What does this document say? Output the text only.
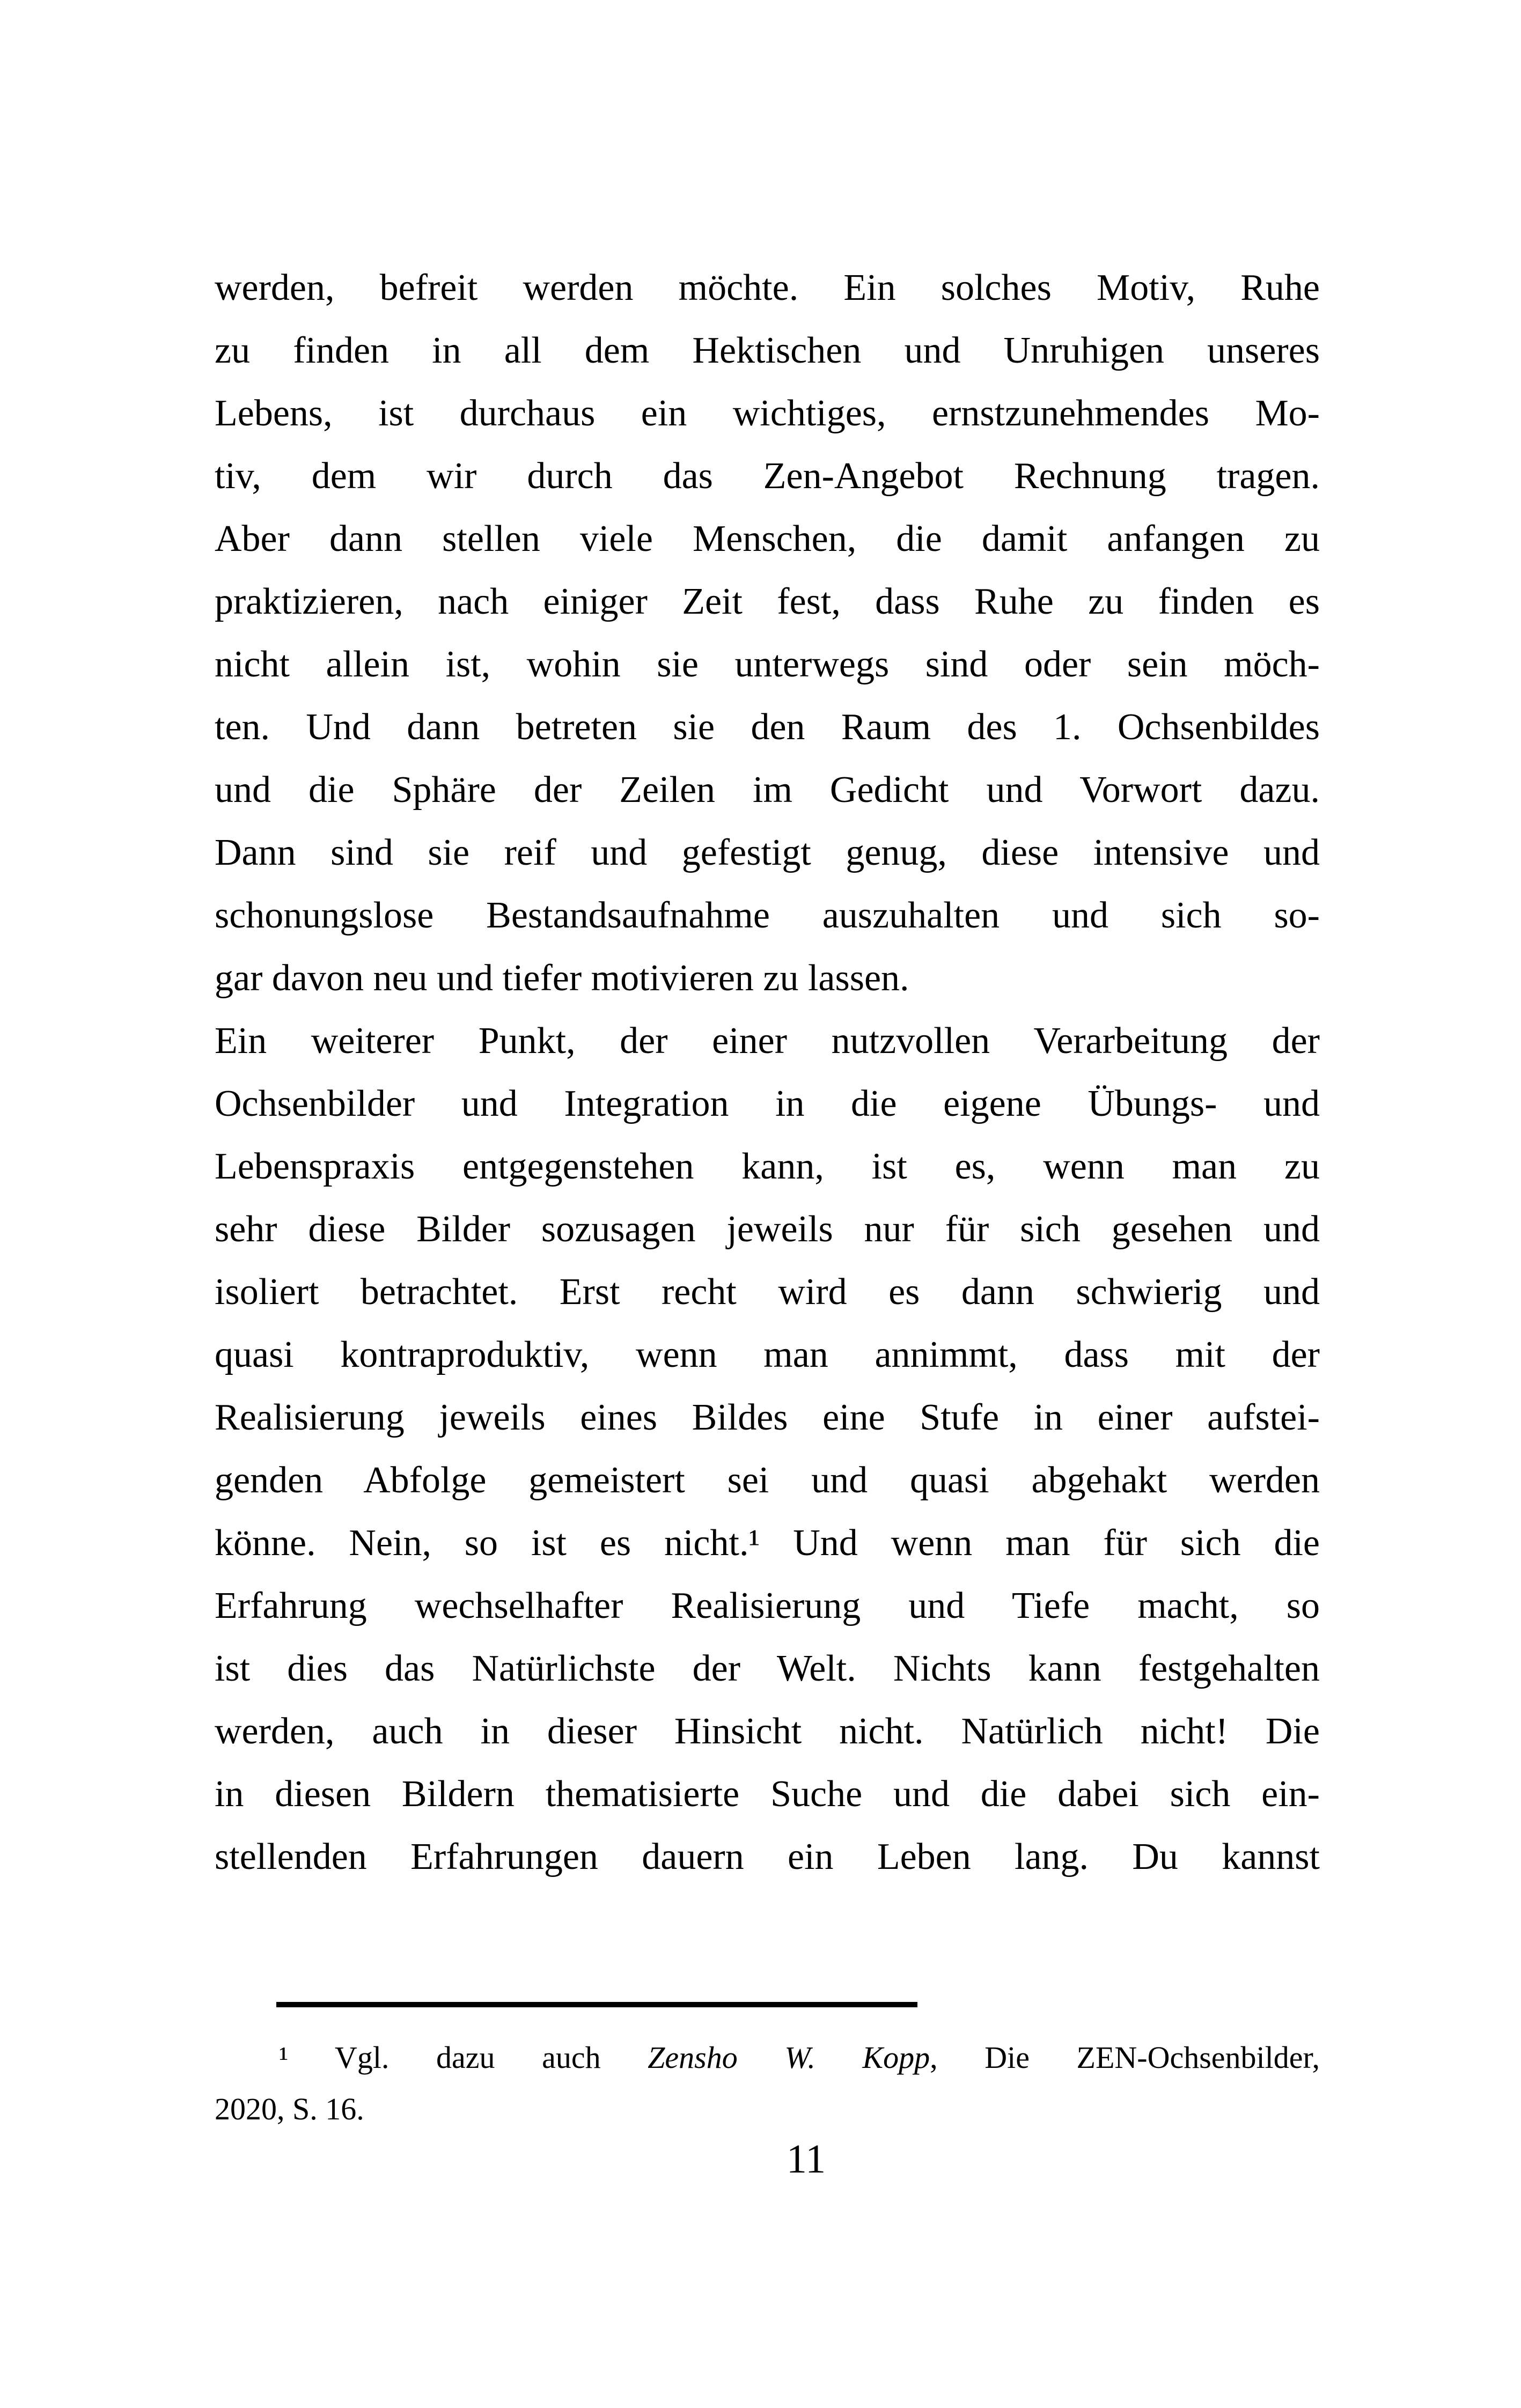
werden, befreit werden möchte. Ein solches Motiv, Ruhe
zu finden in all dem Hektischen und Unruhigen unseres
Lebens, ist durchaus ein wichtiges, ernstzunehmendes Mo-
tiv, dem wir durch das Zen-Angebot Rechnung tragen.
Aber dann stellen viele Menschen, die damit anfangen zu
praktizieren, nach einiger Zeit fest, dass Ruhe zu finden es
nicht allein ist, wohin sie unterwegs sind oder sein möch-
ten. Und dann betreten sie den Raum des 1. Ochsenbildes
und die Sphäre der Zeilen im Gedicht und Vorwort dazu.
Dann sind sie reif und gefestigt genug, diese intensive und
schonungslose Bestandsaufnahme auszuhalten und sich so-
gar davon neu und tiefer motivieren zu lassen.
Ein weiterer Punkt, der einer nutzvollen Verarbeitung der
Ochsenbilder und Integration in die eigene Übungs- und
Lebenspraxis entgegenstehen kann, ist es, wenn man zu
sehr diese Bilder sozusagen jeweils nur für sich gesehen und
isoliert betrachtet. Erst recht wird es dann schwierig und
quasi kontraproduktiv, wenn man annimmt, dass mit der
Realisierung jeweils eines Bildes eine Stufe in einer aufstei-
genden Abfolge gemeistert sei und quasi abgehakt werden
könne. Nein, so ist es nicht.¹ Und wenn man für sich die
Erfahrung wechselhafter Realisierung und Tiefe macht, so
ist dies das Natürlichste der Welt. Nichts kann festgehalten
werden, auch in dieser Hinsicht nicht. Natürlich nicht! Die
in diesen Bildern thematisierte Suche und die dabei sich ein-
stellenden Erfahrungen dauern ein Leben lang. Du kannst
¹ Vgl. dazu auch Zensho W. Kopp, Die ZEN-Ochsenbilder,
2020, S. 16.
11
